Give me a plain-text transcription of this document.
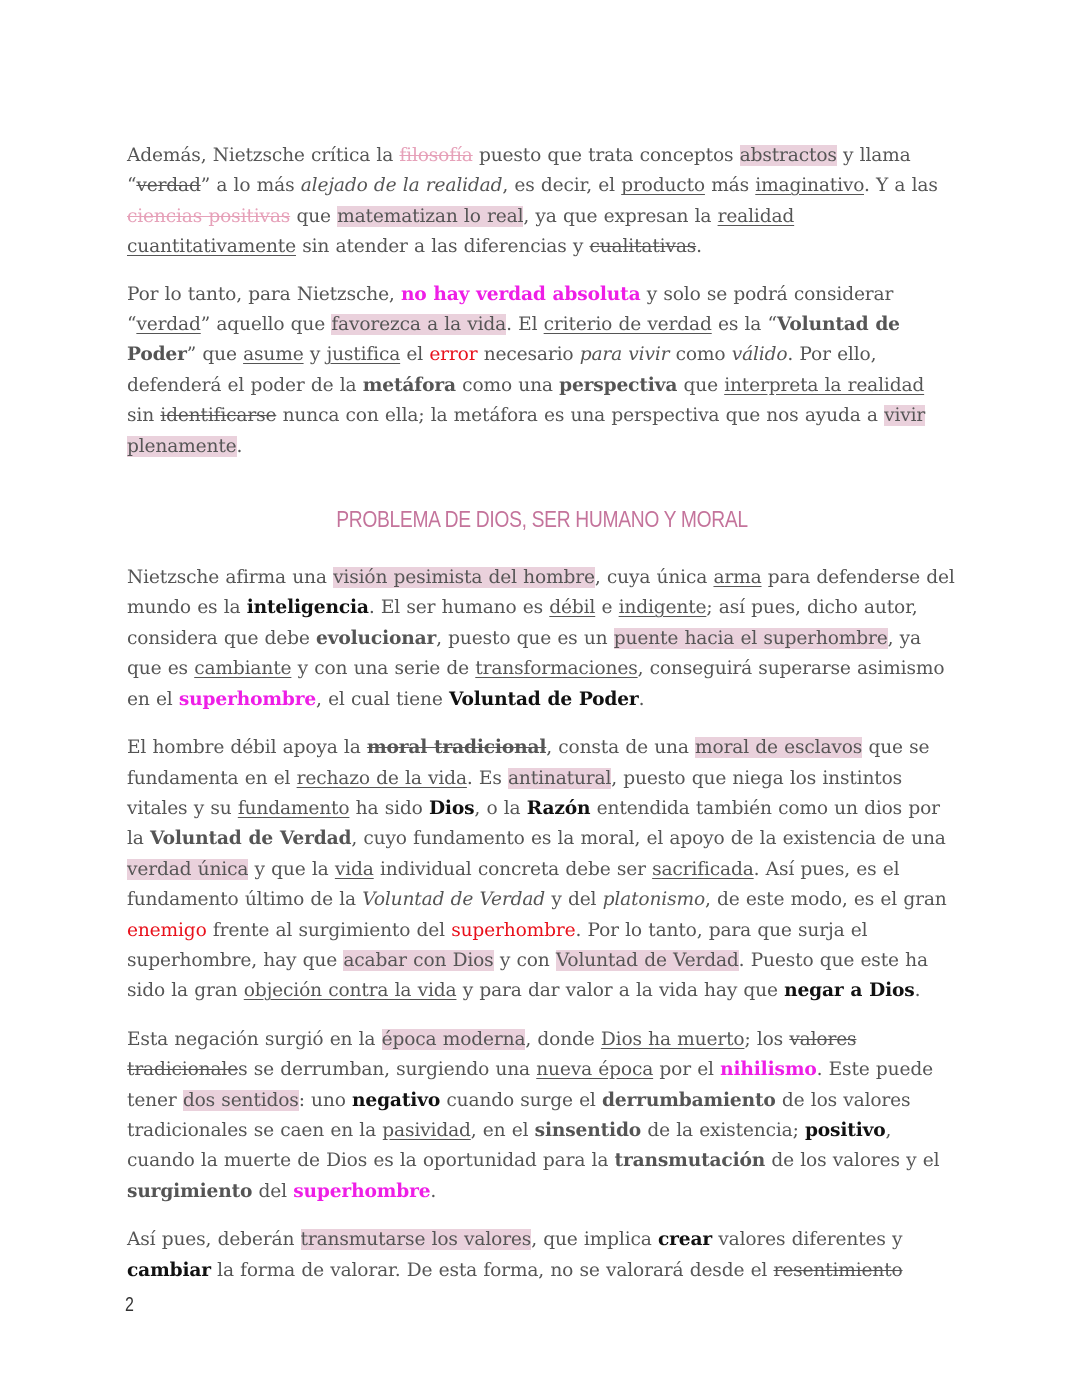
Además, Nietzsche crítica la filosofía puesto que trata conceptos abstractos y llama “verdad” a lo más alejado de la realidad, es decir, el producto más imaginativo. Y a las ciencias positivas que matematizan lo real, ya que expresan la realidad cuantitativamente sin atender a las diferencias y cualitativas.

Por lo tanto, para Nietzsche, no hay verdad absoluta y solo se podrá considerar “verdad” aquello que favorezca a la vida. El criterio de verdad es la “Voluntad de Poder” que asume y justifica el error necesario para vivir como válido. Por ello, defenderá el poder de la metáfora como una perspectiva que interpreta la realidad sin identificarse nunca con ella; la metáfora es una perspectiva que nos ayuda a vivir plenamente.

PROBLEMA DE DIOS, SER HUMANO Y MORAL

Nietzsche afirma una visión pesimista del hombre, cuya única arma para defenderse del mundo es la inteligencia. El ser humano es débil e indigente; así pues, dicho autor, considera que debe evolucionar, puesto que es un puente hacia el superhombre, ya que es cambiante y con una serie de transformaciones, conseguirá superarse asimismo en el superhombre, el cual tiene Voluntad de Poder.

El hombre débil apoya la moral tradicional, consta de una moral de esclavos que se fundamenta en el rechazo de la vida. Es antinatural, puesto que niega los instintos vitales y su fundamento ha sido Dios, o la Razón entendida también como un dios por la Voluntad de Verdad, cuyo fundamento es la moral, el apoyo de la existencia de una verdad única y que la vida individual concreta debe ser sacrificada. Así pues, es el fundamento último de la Voluntad de Verdad y del platonismo, de este modo, es el gran enemigo frente al surgimiento del superhombre. Por lo tanto, para que surja el superhombre, hay que acabar con Dios y con Voluntad de Verdad. Puesto que este ha sido la gran objeción contra la vida y para dar valor a la vida hay que negar a Dios.

Esta negación surgió en la época moderna, donde Dios ha muerto; los valores tradicionales se derrumban, surgiendo una nueva época por el nihilismo. Este puede tener dos sentidos: uno negativo cuando surge el derrumbamiento de los valores tradicionales se caen en la pasividad, en el sinsentido de la existencia; positivo, cuando la muerte de Dios es la oportunidad para la transmutación de los valores y el surgimiento del superhombre.

Así pues, deberán transmutarse los valores, que implica crear valores diferentes y cambiar la forma de valorar. De esta forma, no se valorará desde el resentimiento

2
